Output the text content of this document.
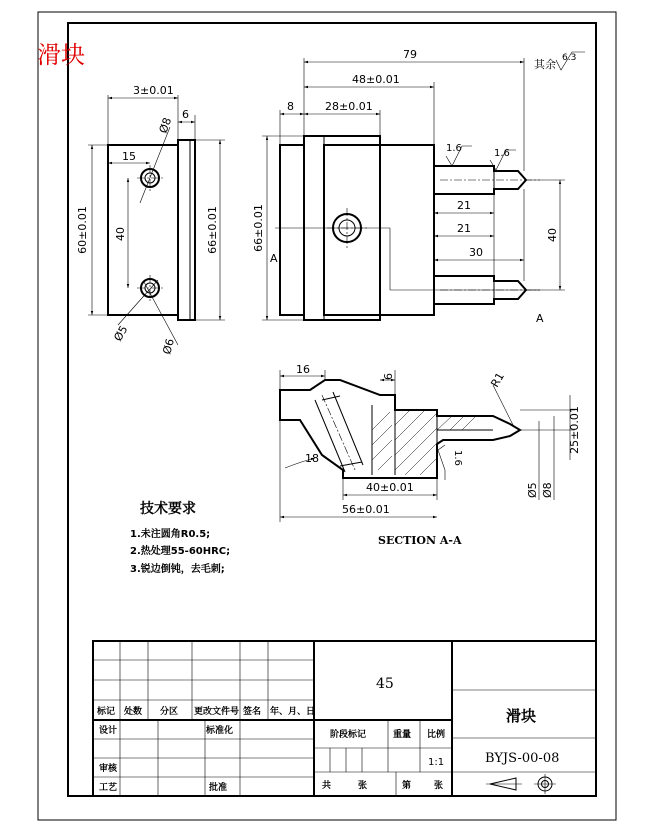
滑块
3±0.01
6
15
60±0.01 40	66±0.01
Ø8
Ø5
Ø6
A
A
79
48±0.01
8	28±0.01
66±0.01	21
21
30
40
其余 6.3
1.6	1.6
16
6	R1
25±0.01
18
40±0.01
56±0.01
Ø5 Ø8
1.6
SECTION A-A
技术要求
1.未注圆角R0.5;
2.热处理55-60HRC;
3.锐边倒钝，去毛刺;
标记 处数 分区 更改文件号 签名 年、月、日
设计	标准化
审核
工艺	批准
45
阶段标记	重量 比例
1:1
共	张	第	张
滑块
BYJS-00-08
